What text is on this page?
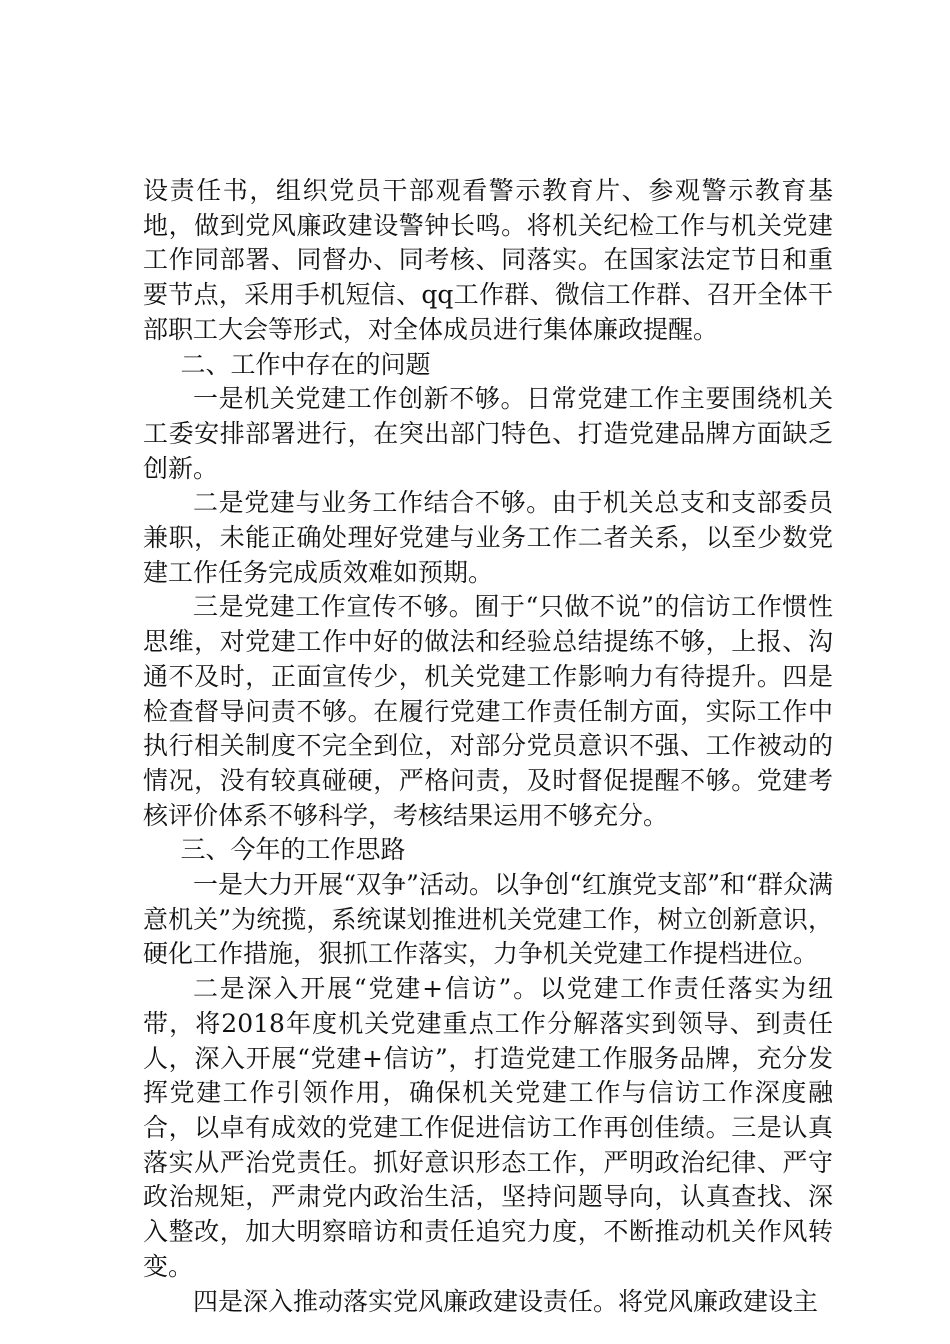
设责任书，组织党员干部观看警示教育片、参观警示教育基地，做到党风廉政建设警钟长鸣。将机关纪检工作与机关党建工作同部署、同督办、同考核、同落实。在国家法定节日和重要节点，采用手机短信、qq工作群、微信工作群、召开全体干部职工大会等形式，对全体成员进行集体廉政提醒。

二、工作中存在的问题

一是机关党建工作创新不够。日常党建工作主要围绕机关工委安排部署进行，在突出部门特色、打造党建品牌方面缺乏创新。

二是党建与业务工作结合不够。由于机关总支和支部委员兼职，未能正确处理好党建与业务工作二者关系，以至少数党建工作任务完成质效难如预期。

三是党建工作宣传不够。囿于“只做不说”的信访工作惯性思维，对党建工作中好的做法和经验总结提练不够，上报、沟通不及时，正面宣传少，机关党建工作影响力有待提升。四是检查督导问责不够。在履行党建工作责任制方面，实际工作中执行相关制度不完全到位，对部分党员意识不强、工作被动的情况，没有较真碰硬，严格问责，及时督促提醒不够。党建考核评价体系不够科学，考核结果运用不够充分。

三、今年的工作思路

一是大力开展“双争”活动。以争创“红旗党支部”和“群众满意机关”为统揽，系统谋划推进机关党建工作，树立创新意识，硬化工作措施，狠抓工作落实，力争机关党建工作提档进位。

二是深入开展“党建+信访”。以党建工作责任落实为纽带，将2018年度机关党建重点工作分解落实到领导、到责任人，深入开展“党建+信访”，打造党建工作服务品牌，充分发挥党建工作引领作用，确保机关党建工作与信访工作深度融合，以卓有成效的党建工作促进信访工作再创佳绩。三是认真落实从严治党责任。抓好意识形态工作，严明政治纪律、严守政治规矩，严肃党内政治生活，坚持问题导向，认真查找、深入整改，加大明察暗访和责任追究力度，不断推动机关作风转变。

四是深入推动落实党风廉政建设责任。将党风廉政建设主
